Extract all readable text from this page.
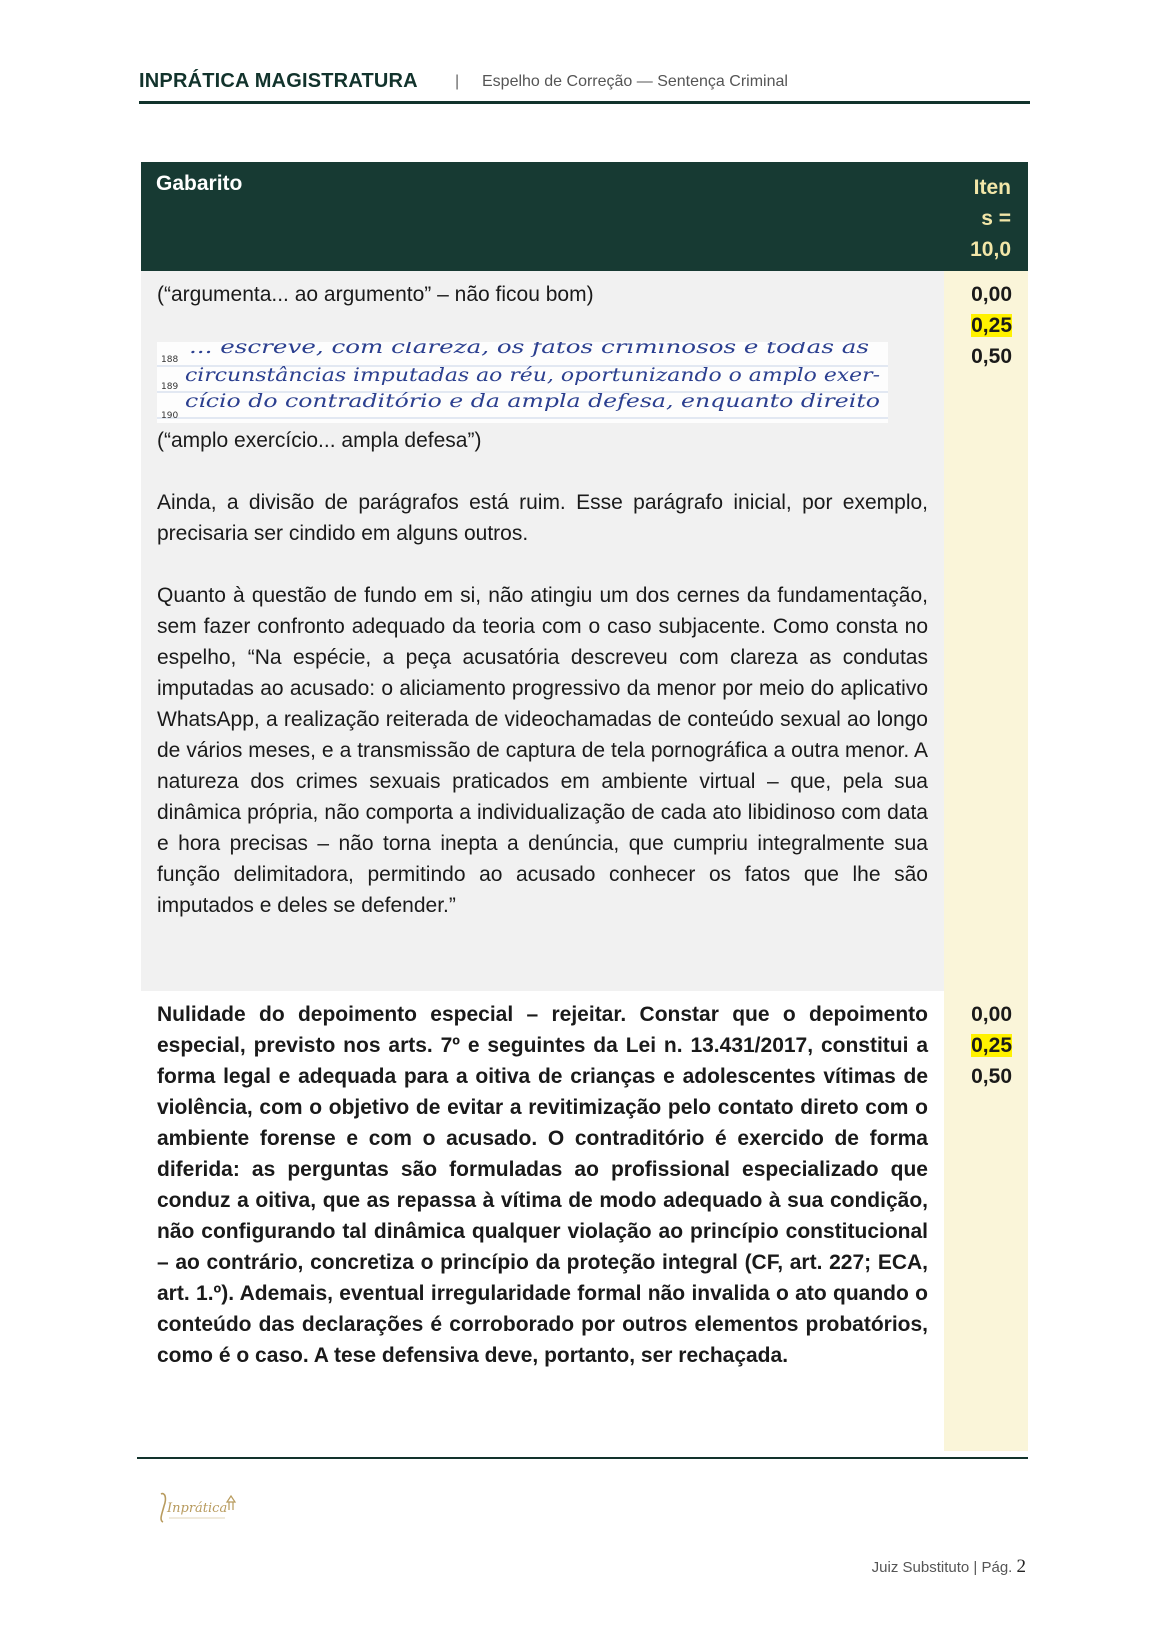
INPRÁTICA MAGISTRATURA | Espelho de Correção — Sentença Criminal
Gabarito	Iten
s =
10,0

(“argumenta... ao argumento” – não ficou bom)

188
189
190
... escreve, com clareza, os fatos criminosos e todas as
circunstâncias imputadas ao réu, oportunizando o amplo exer-
cício do contraditório e da ampla defesa, enquanto direito

(“amplo exercício... ampla defesa”)

Ainda, a divisão de parágrafos está ruim. Esse parágrafo inicial, por exemplo, precisaria ser cindido em alguns outros.

Quanto à questão de fundo em si, não atingiu um dos cernes da fundamentação, sem fazer confronto adequado da teoria com o caso subjacente. Como consta no espelho, “Na espécie, a peça acusatória descreveu com clareza as condutas imputadas ao acusado: o aliciamento progressivo da menor por meio do aplicativo WhatsApp, a realização reiterada de videochamadas de conteúdo sexual ao longo de vários meses, e a transmissão de captura de tela pornográfica a outra menor. A natureza dos crimes sexuais praticados em ambiente virtual – que, pela sua dinâmica própria, não comporta a individualização de cada ato libidinoso com data e hora precisas – não torna inepta a denúncia, que cumpriu integralmente sua função delimitadora, permitindo ao acusado conhecer os fatos que lhe são imputados e deles se defender.”

0,00
0,25
0,50

Nulidade do depoimento especial – rejeitar. Constar que o depoimento especial, previsto nos arts. 7º e seguintes da Lei n. 13.431/2017, constitui a forma legal e adequada para a oitiva de crianças e adolescentes vítimas de violência, com o objetivo de evitar a revitimização pelo contato direto com o ambiente forense e com o acusado. O contraditório é exercido de forma diferida: as perguntas são formuladas ao profissional especializado que conduz a oitiva, que as repassa à vítima de modo adequado à sua condição, não configurando tal dinâmica qualquer violação ao princípio constitucional – ao contrário, concretiza o princípio da proteção integral (CF, art. 227; ECA, art. 1.º). Ademais, eventual irregularidade formal não invalida o ato quando o conteúdo das declarações é corroborado por outros elementos probatórios, como é o caso. A tese defensiva deve, portanto, ser rechaçada.

0,00
0,25
0,50
Inprática
Juiz Substituto | Pág. 2
